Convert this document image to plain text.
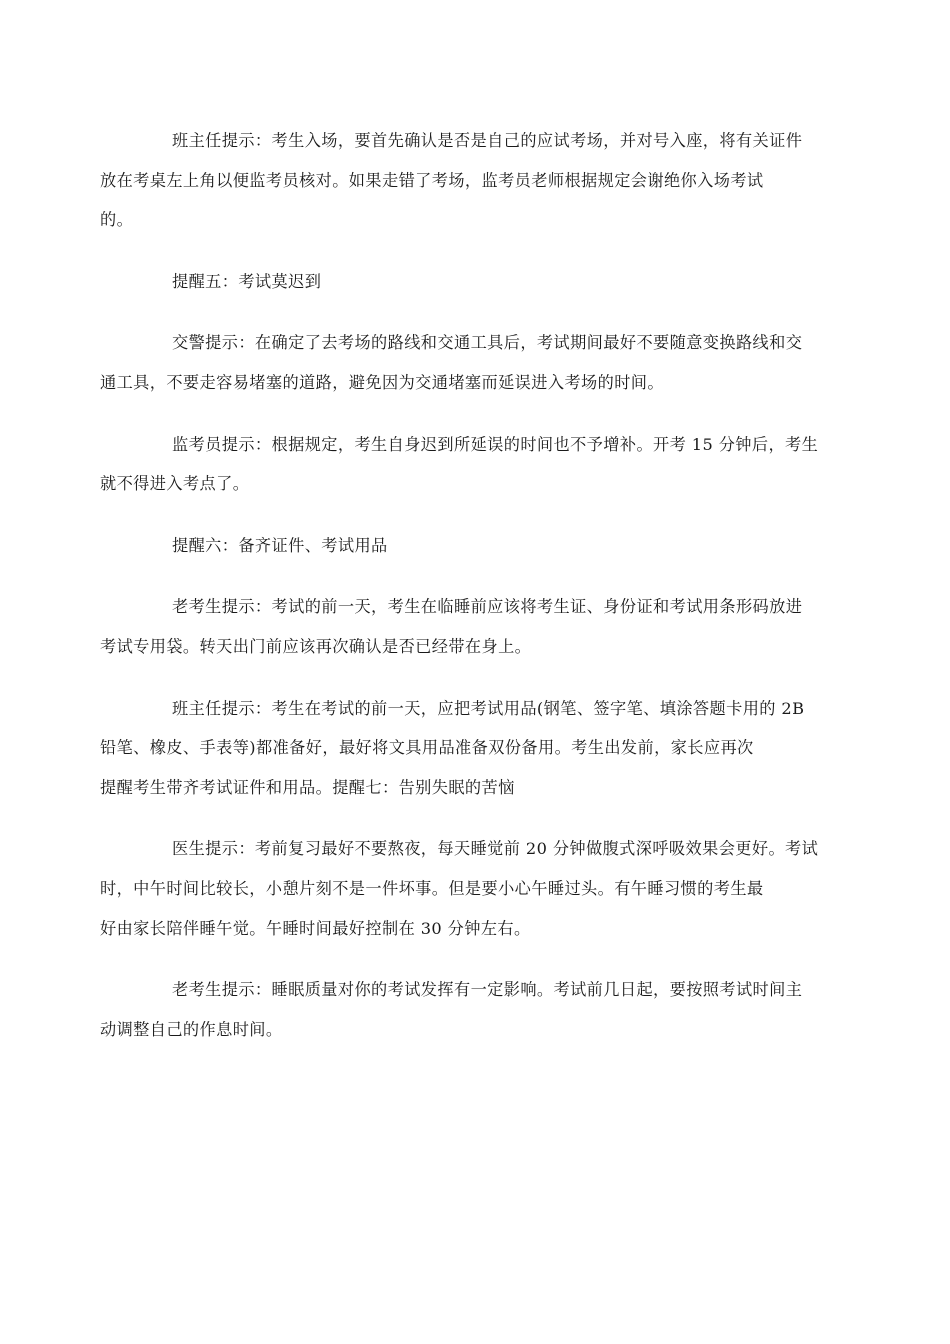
班主任提示：考生入场，要首先确认是否是自己的应试考场，并对号入座，将有关证件
放在考桌左上角以便监考员核对。如果走错了考场，监考员老师根据规定会谢绝你入场考试
的。

提醒五：考试莫迟到

交警提示：在确定了去考场的路线和交通工具后，考试期间最好不要随意变换路线和交
通工具，不要走容易堵塞的道路，避免因为交通堵塞而延误进入考场的时间。

监考员提示：根据规定，考生自身迟到所延误的时间也不予增补。开考 15 分钟后，考生
就不得进入考点了。

提醒六：备齐证件、考试用品

老考生提示：考试的前一天，考生在临睡前应该将考生证、身份证和考试用条形码放进
考试专用袋。转天出门前应该再次确认是否已经带在身上。

班主任提示：考生在考试的前一天，应把考试用品(钢笔、签字笔、填涂答题卡用的 2B
铅笔、橡皮、手表等)都准备好，最好将文具用品准备双份备用。考生出发前，家长应再次
提醒考生带齐考试证件和用品。提醒七：告别失眠的苦恼

医生提示：考前复习最好不要熬夜，每天睡觉前 20 分钟做腹式深呼吸效果会更好。考试
时，中午时间比较长，小憩片刻不是一件坏事。但是要小心午睡过头。有午睡习惯的考生最
好由家长陪伴睡午觉。午睡时间最好控制在 30 分钟左右。

老考生提示：睡眠质量对你的考试发挥有一定影响。考试前几日起，要按照考试时间主
动调整自己的作息时间。
